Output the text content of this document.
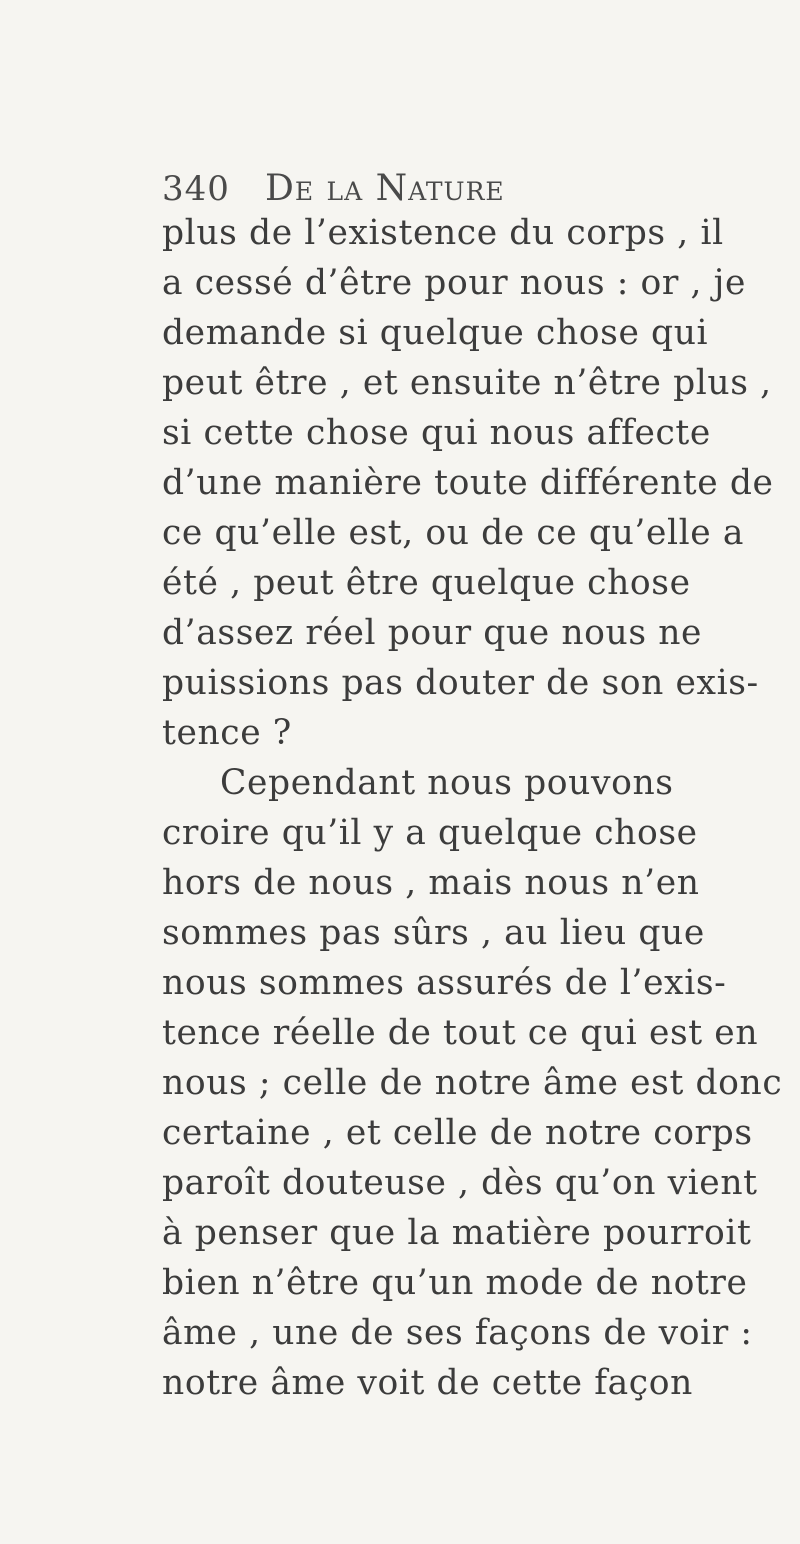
340 De la Nature
plus de l’existence du corps , il
a cessé d’être pour nous : or , je
demande si quelque chose qui
peut être , et ensuite n’être plus ,
si cette chose qui nous affecte
d’une manière toute différente de
ce qu’elle est, ou de ce qu’elle a
été , peut être quelque chose
d’assez réel pour que nous ne
puissions pas douter de son exis-
tence ?
Cependant nous pouvons
croire qu’il y a quelque chose
hors de nous , mais nous n’en
sommes pas sûrs , au lieu que
nous sommes assurés de l’exis-
tence réelle de tout ce qui est en
nous ; celle de notre âme est donc
certaine , et celle de notre corps
paroît douteuse , dès qu’on vient
à penser que la matière pourroit
bien n’être qu’un mode de notre
âme , une de ses façons de voir :
notre âme voit de cette façon
